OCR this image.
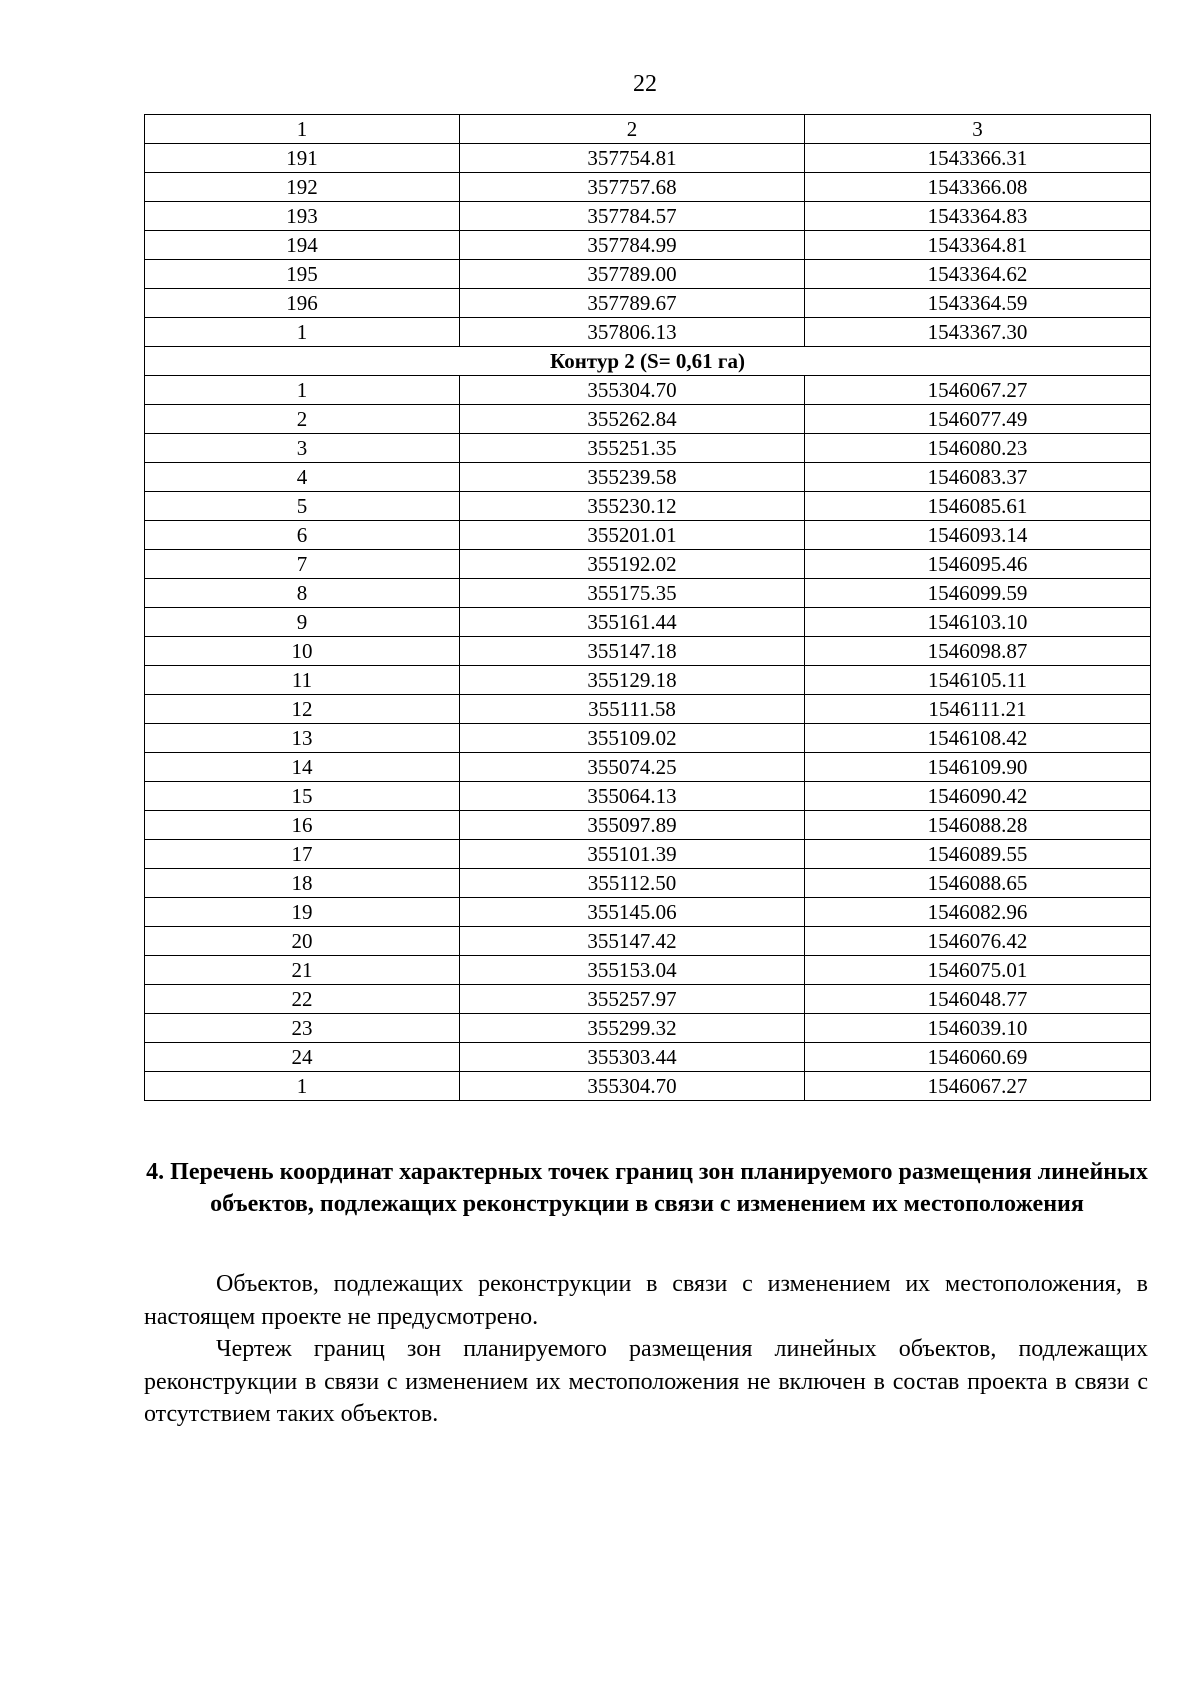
22
1	2	3
191	357754.81	1543366.31
192	357757.68	1543366.08
193	357784.57	1543364.83
194	357784.99	1543364.81
195	357789.00	1543364.62
196	357789.67	1543364.59
1	357806.13	1543367.30
Контур 2 (S= 0,61 га)		
1	355304.70	1546067.27
2	355262.84	1546077.49
3	355251.35	1546080.23
4	355239.58	1546083.37
5	355230.12	1546085.61
6	355201.01	1546093.14
7	355192.02	1546095.46
8	355175.35	1546099.59
9	355161.44	1546103.10
10	355147.18	1546098.87
11	355129.18	1546105.11
12	355111.58	1546111.21
13	355109.02	1546108.42
14	355074.25	1546109.90
15	355064.13	1546090.42
16	355097.89	1546088.28
17	355101.39	1546089.55
18	355112.50	1546088.65
19	355145.06	1546082.96
20	355147.42	1546076.42
21	355153.04	1546075.01
22	355257.97	1546048.77
23	355299.32	1546039.10
24	355303.44	1546060.69
1	355304.70	1546067.27
4. Перечень координат характерных точек границ зон планируемого размещения линейных объектов, подлежащих реконструкции в связи с изменением их местоположения

Объектов, подлежащих реконструкции в связи с изменением их местоположения, в настоящем проекте не предусмотрено.

Чертеж границ зон планируемого размещения линейных объектов, подлежащих реконструкции в связи с изменением их местоположения не включен в состав проекта в связи с отсутствием таких объектов.
